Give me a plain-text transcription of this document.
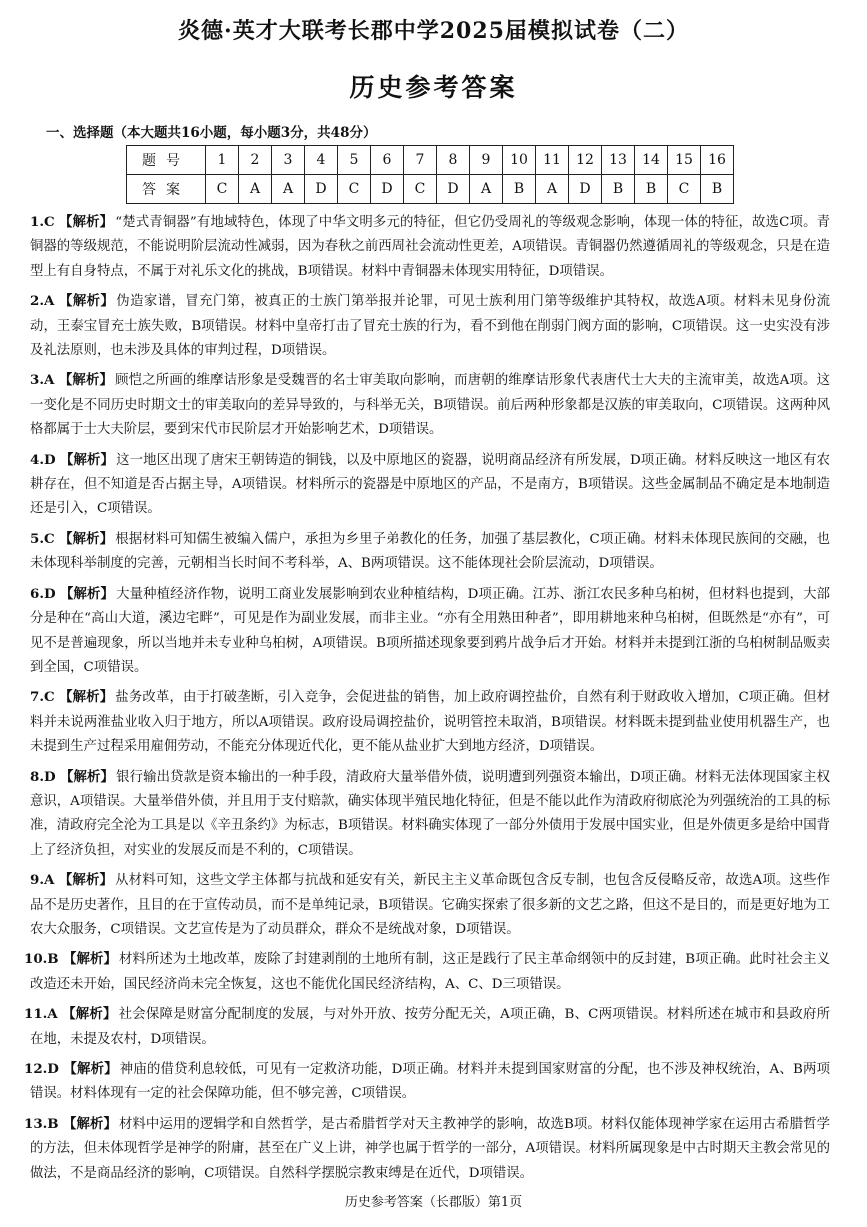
炎德·英才大联考长郡中学2025届模拟试卷（二）
历史参考答案
一、选择题（本大题共16小题，每小题3分，共48分）
题号	1	2	3	4	5	6	7	8	9	10	11	12	13	14	15	16
答案	C	A	A	D	C	D	C	D	A	B	A	D	B	B	C	B
1.C 【解析】 “楚式青铜器”有地域特色，体现了中华文明多元的特征，但它仍受周礼的等级观念影响，体现一体的特征，故选C项。青铜器的等级规范，不能说明阶层流动性减弱，因为春秋之前西周社会流动性更差，A项错误。青铜器仍然遵循周礼的等级观念，只是在造型上有自身特点，不属于对礼乐文化的挑战，B项错误。材料中青铜器未体现实用特征，D项错误。
2.A 【解析】 伪造家谱，冒充门第，被真正的士族门第举报并论罪，可见士族利用门第等级维护其特权，故选A项。材料未见身份流动，王泰宝冒充士族失败，B项错误。材料中皇帝打击了冒充士族的行为，看不到他在削弱门阀方面的影响，C项错误。这一史实没有涉及礼法原则，也未涉及具体的审判过程，D项错误。
3.A 【解析】 顾恺之所画的维摩诘形象是受魏晋的名士审美取向影响，而唐朝的维摩诘形象代表唐代士大夫的主流审美，故选A项。这一变化是不同历史时期文士的审美取向的差异导致的，与科举无关，B项错误。前后两种形象都是汉族的审美取向，C项错误。这两种风格都属于士大夫阶层，要到宋代市民阶层才开始影响艺术，D项错误。
4.D 【解析】 这一地区出现了唐宋王朝铸造的铜钱，以及中原地区的瓷器，说明商品经济有所发展，D项正确。材料反映这一地区有农耕存在，但不知道是否占据主导，A项错误。材料所示的瓷器是中原地区的产品，不是南方，B项错误。这些金属制品不确定是本地制造还是引入，C项错误。
5.C 【解析】 根据材料可知儒生被编入儒户，承担为乡里子弟教化的任务，加强了基层教化，C项正确。材料未体现民族间的交融，也未体现科举制度的完善，元朝相当长时间不考科举，A、B两项错误。这不能体现社会阶层流动，D项错误。
6.D 【解析】 大量种植经济作物，说明工商业发展影响到农业种植结构，D项正确。江苏、浙江农民多种乌桕树，但材料也提到，大部分是种在“高山大道，溪边宅畔”，可见是作为副业发展，而非主业。“亦有全用熟田种者”，即用耕地来种乌桕树，但既然是“亦有”，可见不是普遍现象，所以当地并未专业种乌桕树，A项错误。B项所描述现象要到鸦片战争后才开始。材料并未提到江浙的乌桕树制品贩卖到全国，C项错误。
7.C 【解析】 盐务改革，由于打破垄断，引入竞争，会促进盐的销售，加上政府调控盐价，自然有利于财政收入增加，C项正确。但材料并未说两淮盐业收入归于地方，所以A项错误。政府设局调控盐价，说明管控未取消，B项错误。材料既未提到盐业使用机器生产，也未提到生产过程采用雇佣劳动，不能充分体现近代化，更不能从盐业扩大到地方经济，D项错误。
8.D 【解析】 银行输出贷款是资本输出的一种手段，清政府大量举借外债，说明遭到列强资本输出，D项正确。材料无法体现国家主权意识，A项错误。大量举借外债，并且用于支付赔款，确实体现半殖民地化特征，但是不能以此作为清政府彻底沦为列强统治的工具的标准，清政府完全沦为工具是以《辛丑条约》为标志，B项错误。材料确实体现了一部分外债用于发展中国实业，但是外债更多是给中国背上了经济负担，对实业的发展反而是不利的，C项错误。
9.A 【解析】 从材料可知，这些文学主体都与抗战和延安有关，新民主主义革命既包含反专制，也包含反侵略反帝，故选A项。这些作品不是历史著作，且目的在于宣传动员，而不是单纯记录，B项错误。它确实探索了很多新的文艺之路，但这不是目的，而是更好地为工农大众服务，C项错误。文艺宣传是为了动员群众，群众不是统战对象，D项错误。
10.B 【解析】 材料所述为土地改革，废除了封建剥削的土地所有制，这正是践行了民主革命纲领中的反封建，B项正确。此时社会主义改造还未开始，国民经济尚未完全恢复，这也不能优化国民经济结构，A、C、D三项错误。
11.A 【解析】 社会保障是财富分配制度的发展，与对外开放、按劳分配无关，A项正确，B、C两项错误。材料所述在城市和县政府所在地，未提及农村，D项错误。
12.D 【解析】 神庙的借贷利息较低，可见有一定救济功能，D项正确。材料并未提到国家财富的分配，也不涉及神权统治，A、B两项错误。材料体现有一定的社会保障功能，但不够完善，C项错误。
13.B 【解析】 材料中运用的逻辑学和自然哲学，是古希腊哲学对天主教神学的影响，故选B项。材料仅能体现神学家在运用古希腊哲学的方法，但未体现哲学是神学的附庸，甚至在广义上讲，神学也属于哲学的一部分，A项错误。材料所属现象是中古时期天主教会常见的做法，不是商品经济的影响，C项错误。自然科学摆脱宗教束缚是在近代，D项错误。
历史参考答案（长郡版）第1页
